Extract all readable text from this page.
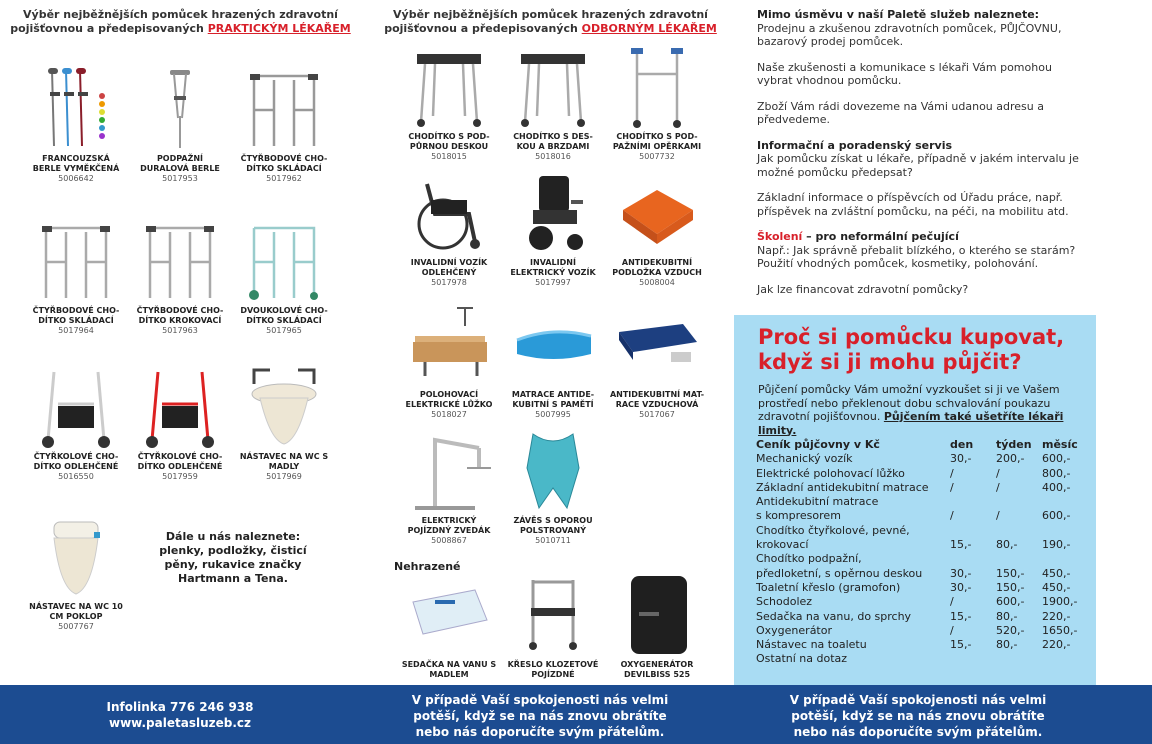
Výběr nejběžnějších pomůcek hrazených zdravotní
pojišťovnou a předepisovaných PRAKTICKÝM LÉKAŘEM
FRANCOUZSKÁ BERLE VYMĚKČENÁ
5006642
PODPAŽNÍ DURALOVÁ BERLE
5017953
ČTYŘBODOVÉ CHO-DÍTKO SKLÁDACÍ
5017962
ČTYŘBODOVÉ CHO-DÍTKO SKLÁDACÍ
5017964
ČTYŘBODOVÉ CHO-DÍTKO KROKOVACÍ
5017963
DVOUKOLOVÉ CHO-DÍTKO SKLÁDACÍ
5017965
ČTYŘKOLOVÉ CHO-DÍTKO ODLEHČENÉ
5016550
ČTYŘKOLOVÉ CHO-DÍTKO ODLEHČENÉ
5017959
NÁSTAVEC NA WC S MADLY
5017969
NÁSTAVEC NA WC 10 CM POKLOP
5007767
Dále u nás naleznete: plenky, podložky, čisticí pěny, rukavice značky Hartmann a Tena.
Výběr nejběžnějších pomůcek hrazených zdravotní
pojišťovnou a předepisovaných ODBORNÝM LÉKAŘEM
CHODÍTKO S POD-PŮRNOU DESKOU
5018015
CHODÍTKO S DES-KOU A BRZDAMI
5018016
CHODÍTKO S POD-PAŽNÍMI OPĚRKAMI
5007732
INVALIDNÍ VOZÍK ODLEHČENÝ
5017978
INVALIDNÍ ELEKTRICKÝ VOZÍK
5017997
ANTIDEKUBITNÍ PODLOŽKA VZDUCH
5008004
POLOHOVACÍ ELEKTRICKÉ LŮŽKO
5018027
MATRACE ANTIDE-KUBITNÍ S PAMĚTÍ
5007995
ANTIDEKUBITNÍ MAT-RACE VZDUCHOVÁ
5017067
ELEKTRICKÝ POJÍZDNÝ ZVEDÁK
5008867
ZÁVĚS S OPOROU POLSTROVANÝ
5010711
Nehrazené
SEDAČKA NA VANU S MADLEM
KŘESLO KLOZETOVÉ POJÍZDNÉ
OXYGENERÁTOR DEVILBISS 525

Mimo úsměvu v naší Paletě služeb naleznete:
Prodejnu a zkušenou zdravotních pomůcek, PŮJČOVNU, bazarový prodej pomůcek.

Naše zkušenosti a komunikace s lékaři Vám pomohou vybrat vhodnou pomůcku.

Zboží Vám rádi dovezeme na Vámi udanou adresu a předvedeme.

Informační a poradenský servis
Jak pomůcku získat u lékaře, případně v jakém intervalu je možné pomůcku předepsat?

Základní informace o příspěvcích od Úřadu práce, např. příspěvek na zvláštní pomůcku, na péči, na mobilitu atd.

Školení – pro neformální pečující
Např.: Jak správně přebalit blízkého, o kterého se starám? Použití vhodných pomůcek, kosmetiky, polohování.

Jak lze financovat zdravotní pomůcky?

Proč si pomůcku kupovat, když si ji mohu půjčit?
Půjčení pomůcky Vám umožní vyzkoušet si ji ve Vašem prostředí nebo překlenout dobu schvalování poukazu zdravotní pojišťovnou. Půjčením také ušetříte lékaři limity.
Ceník půjčovny v Kč	den	týden	měsíc
Mechanický vozík	30,-	200,-	600,-
Elektrické polohovací lůžko	/	/	800,-
Základní antidekubitní matrace	/	/	400,-
Antidekubitní matrace			
s kompresorem	/	/	600,-
Chodítko čtyřkolové, pevné,			
krokovací	15,-	80,-	190,-
Chodítko podpažní,			
předloketní, s opěrnou deskou	30,-	150,-	450,-
Toaletní křeslo (gramofon)	30,-	150,-	450,-
Schodolez	/	600,-	1900,-
Sedačka na vanu, do sprchy	15,-	80,-	220,-
Oxygenerátor	/	520,-	1650,-
Nástavec na toaletu	15,-	80,-	220,-
Ostatní na dotaz			
Infolinka 776 246 938
www.paletasluzeb.cz
V případě Vaší spokojenosti nás velmi
potěší, když se na nás znovu obrátíte
nebo nás doporučíte svým přátelům.
V případě Vaší spokojenosti nás velmi
potěší, když se na nás znovu obrátíte
nebo nás doporučíte svým přátelům.
